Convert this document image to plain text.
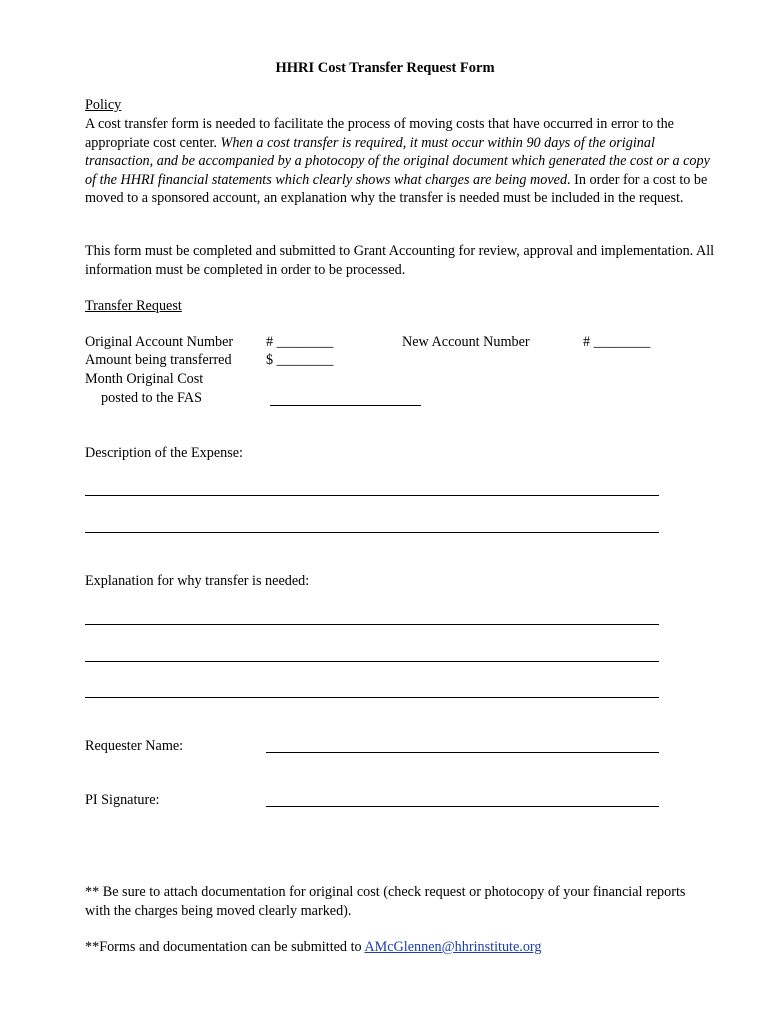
HHRI Cost Transfer Request Form
Policy
A cost transfer form is needed to facilitate the process of moving costs that have occurred in error to the appropriate cost center. When a cost transfer is required, it must occur within 90 days of the original transaction, and be accompanied by a photocopy of the original document which generated the cost or a copy of the HHRI financial statements which clearly shows what charges are being moved. In order for a cost to be moved to a sponsored account, an explanation why the transfer is needed must be included in the request.
This form must be completed and submitted to Grant Accounting for review, approval and implementation. All information must be completed in order to be processed.
Transfer Request
Original Account Number # ________	New Account Number	# ________
Amount being transferred $ ________
Month Original Cost
posted to the FAS
Description of the Expense:
Explanation for why transfer is needed:
Requester Name:
PI Signature:
** Be sure to attach documentation for original cost (check request or photocopy of your financial reports with the charges being moved clearly marked).
**Forms and documentation can be submitted to AMcGlennen@hhrinstitute.org
